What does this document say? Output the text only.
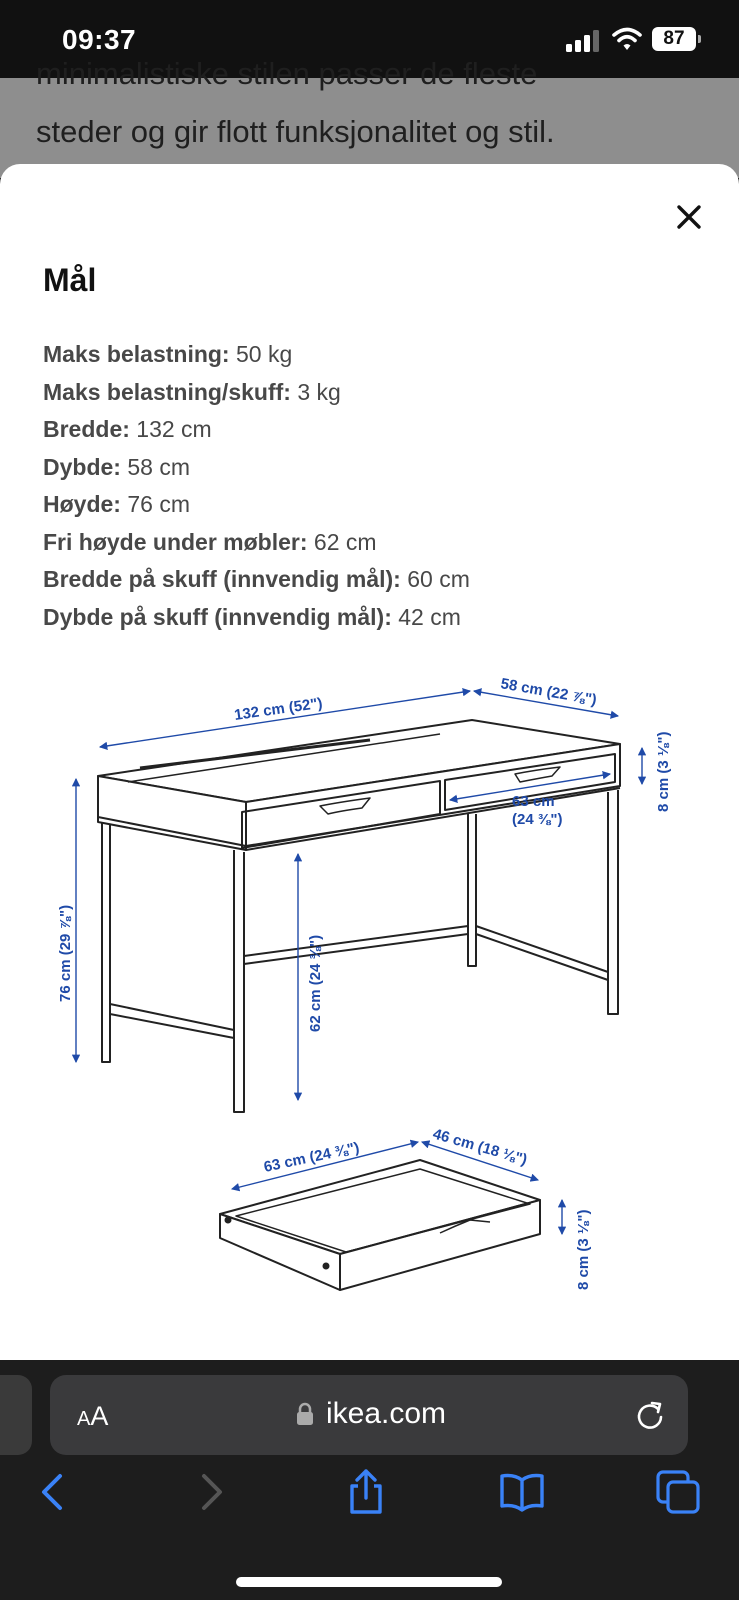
09:37	87
minimalistiske stilen passer de fleste
steder og gir flott funksjonalitet og stil.
Mål
Maks belastning: 50 kg
Maks belastning/skuff: 3 kg
Bredde: 132 cm
Dybde: 58 cm
Høyde: 76 cm
Fri høyde under møbler: 62 cm
Bredde på skuff (innvendig mål): 60 cm
Dybde på skuff (innvendig mål): 42 cm
132 cm (52")
58 cm (22 ⅞")
8 cm (3 ⅛")
63 cm
(24 ⅜")
76 cm (29 ⅞")	62 cm (24 ⅜")
63 cm (24 ⅜")	46 cm (18 ⅛")
8 cm (3 ⅛")
AA	ikea.com
